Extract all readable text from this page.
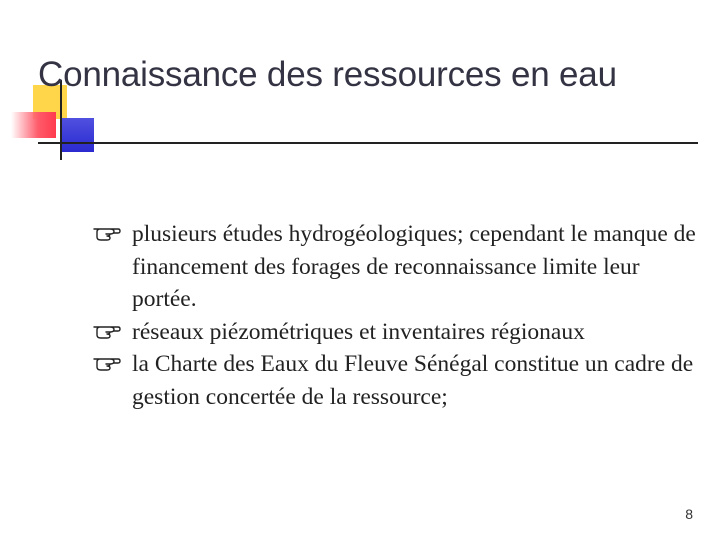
Connaissance des ressources en eau
plusieurs études hydrogéologiques; cependant le manque de financement des forages de reconnaissance limite leur portée.
réseaux piézométriques et inventaires régionaux
la Charte des Eaux du Fleuve Sénégal constitue un cadre de gestion concertée de la ressource;
8
